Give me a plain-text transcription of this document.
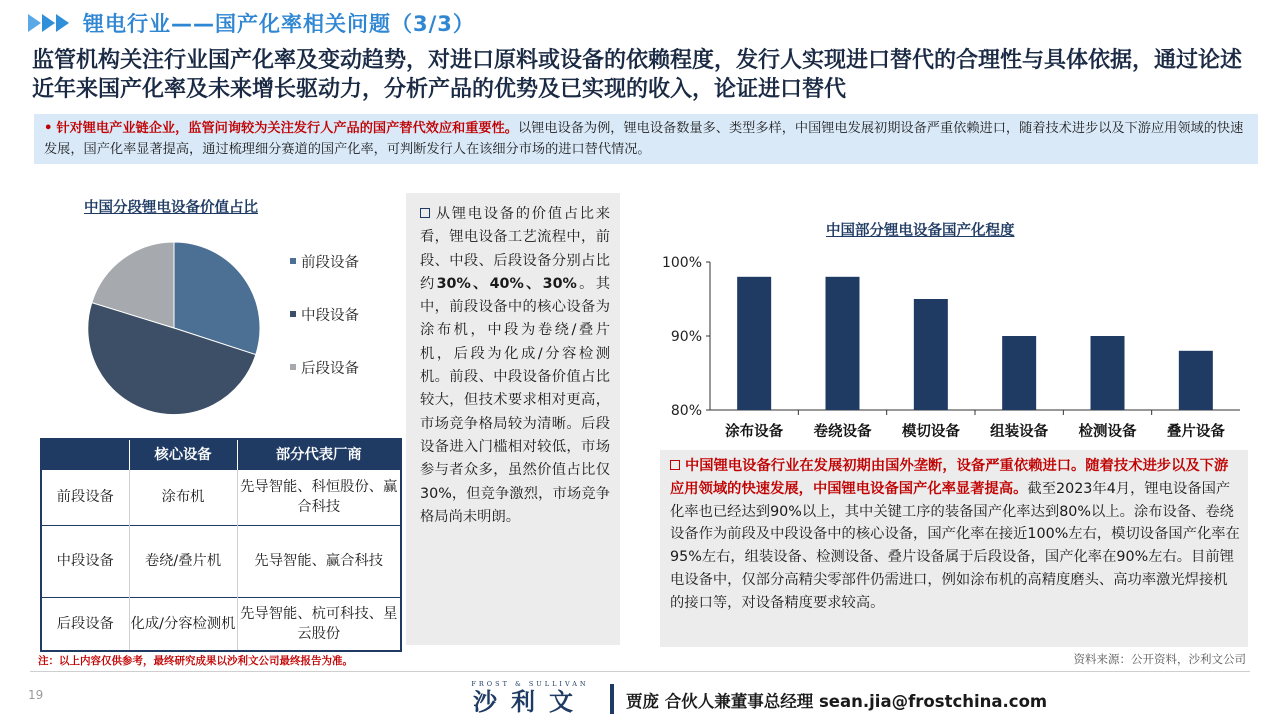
锂电行业——国产化率相关问题（3/3）
监管机构关注行业国产化率及变动趋势，对进口原料或设备的依赖程度，发行人实现进口替代的合理性与具体依据，通过论述近年来国产化率及未来增长驱动力，分析产品的优势及已实现的收入，论证进口替代
• 针对锂电产业链企业，监管问询较为关注发行人产品的国产替代效应和重要性。以锂电设备为例，锂电设备数量多、类型多样，中国锂电发展初期设备严重依赖进口，随着技术进步以及下游应用领域的快速发展，国产化率显著提高，通过梳理细分赛道的国产化率，可判断发行人在该细分市场的进口替代情况。
中国分段锂电设备价值占比
前段设备
中段设备
后段设备
	核心设备	部分代表厂商
前段设备	涂布机	先导智能、科恒股份、赢合科技
中段设备	卷绕/叠片机	先导智能、赢合科技
后段设备	化成/分容检测机	先导智能、杭可科技、星云股份
从锂电设备的价值占比来看，锂电设备工艺流程中，前段、中段、后段设备分别占比约30%、40%、30%。其中，前段设备中的核心设备为涂布机，中段为卷绕/叠片机，后段为化成/分容检测机。前段、中段设备价值占比较大，但技术要求相对更高，市场竞争格局较为清晰。后段设备进入门槛相对较低，市场参与者众多，虽然价值占比仅30%，但竞争激烈，市场竞争格局尚未明朗。
中国部分锂电设备国产化程度
80%
90%
100%
涂布设备 卷绕设备 模切设备 组装设备 检测设备 叠片设备
中国锂电设备行业在发展初期由国外垄断，设备严重依赖进口。随着技术进步以及下游应用领域的快速发展，中国锂电设备国产化率显著提高。截至2023年4月，锂电设备国产化率也已经达到90%以上，其中关键工序的装备国产化率达到80%以上。涂布设备、卷绕设备作为前段及中段设备中的核心设备，国产化率在接近100%左右，模切设备国产化率在95%左右，组装设备、检测设备、叠片设备属于后段设备，国产化率在90%左右。目前锂电设备中，仅部分高精尖零部件仍需进口，例如涂布机的高精度磨头、高功率激光焊接机的接口等，对设备精度要求较高。
注：以上内容仅供参考，最终研究成果以沙利文公司最终报告为准。	资料来源：公开资料，沙利文公司
19
FROST & SULLIVAN
沙利文	贾庞 合伙人兼董事总经理 sean.jia@frostchina.com
